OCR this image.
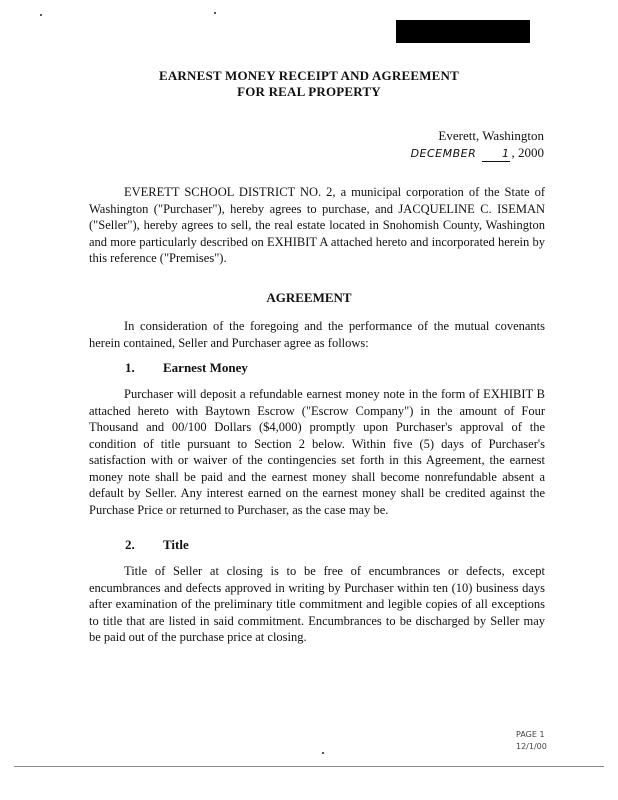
EARNEST MONEY RECEIPT AND AGREEMENT
FOR REAL PROPERTY
Everett, Washington
DECEMBER 1 , 2000
EVERETT SCHOOL DISTRICT NO. 2, a municipal corporation of the State of Washington ("Purchaser"), hereby agrees to purchase, and JACQUELINE C. ISEMAN ("Seller"), hereby agrees to sell, the real estate located in Snohomish County, Washington and more particularly described on EXHIBIT A attached hereto and incorporated herein by this reference ("Premises").
AGREEMENT
In consideration of the foregoing and the performance of the mutual covenants herein contained, Seller and Purchaser agree as follows:
1. Earnest Money
Purchaser will deposit a refundable earnest money note in the form of EXHIBIT B attached hereto with Baytown Escrow ("Escrow Company") in the amount of Four Thousand and 00/100 Dollars ($4,000) promptly upon Purchaser's approval of the condition of title pursuant to Section 2 below. Within five (5) days of Purchaser's satisfaction with or waiver of the contingencies set forth in this Agreement, the earnest money note shall be paid and the earnest money shall become nonrefundable absent a default by Seller. Any interest earned on the earnest money shall be credited against the Purchase Price or returned to Purchaser, as the case may be.
2. Title
Title of Seller at closing is to be free of encumbrances or defects, except encumbrances and defects approved in writing by Purchaser within ten (10) business days after examination of the preliminary title commitment and legible copies of all exceptions to title that are listed in said commitment. Encumbrances to be discharged by Seller may be paid out of the purchase price at closing.
PAGE 1
12/1/00
